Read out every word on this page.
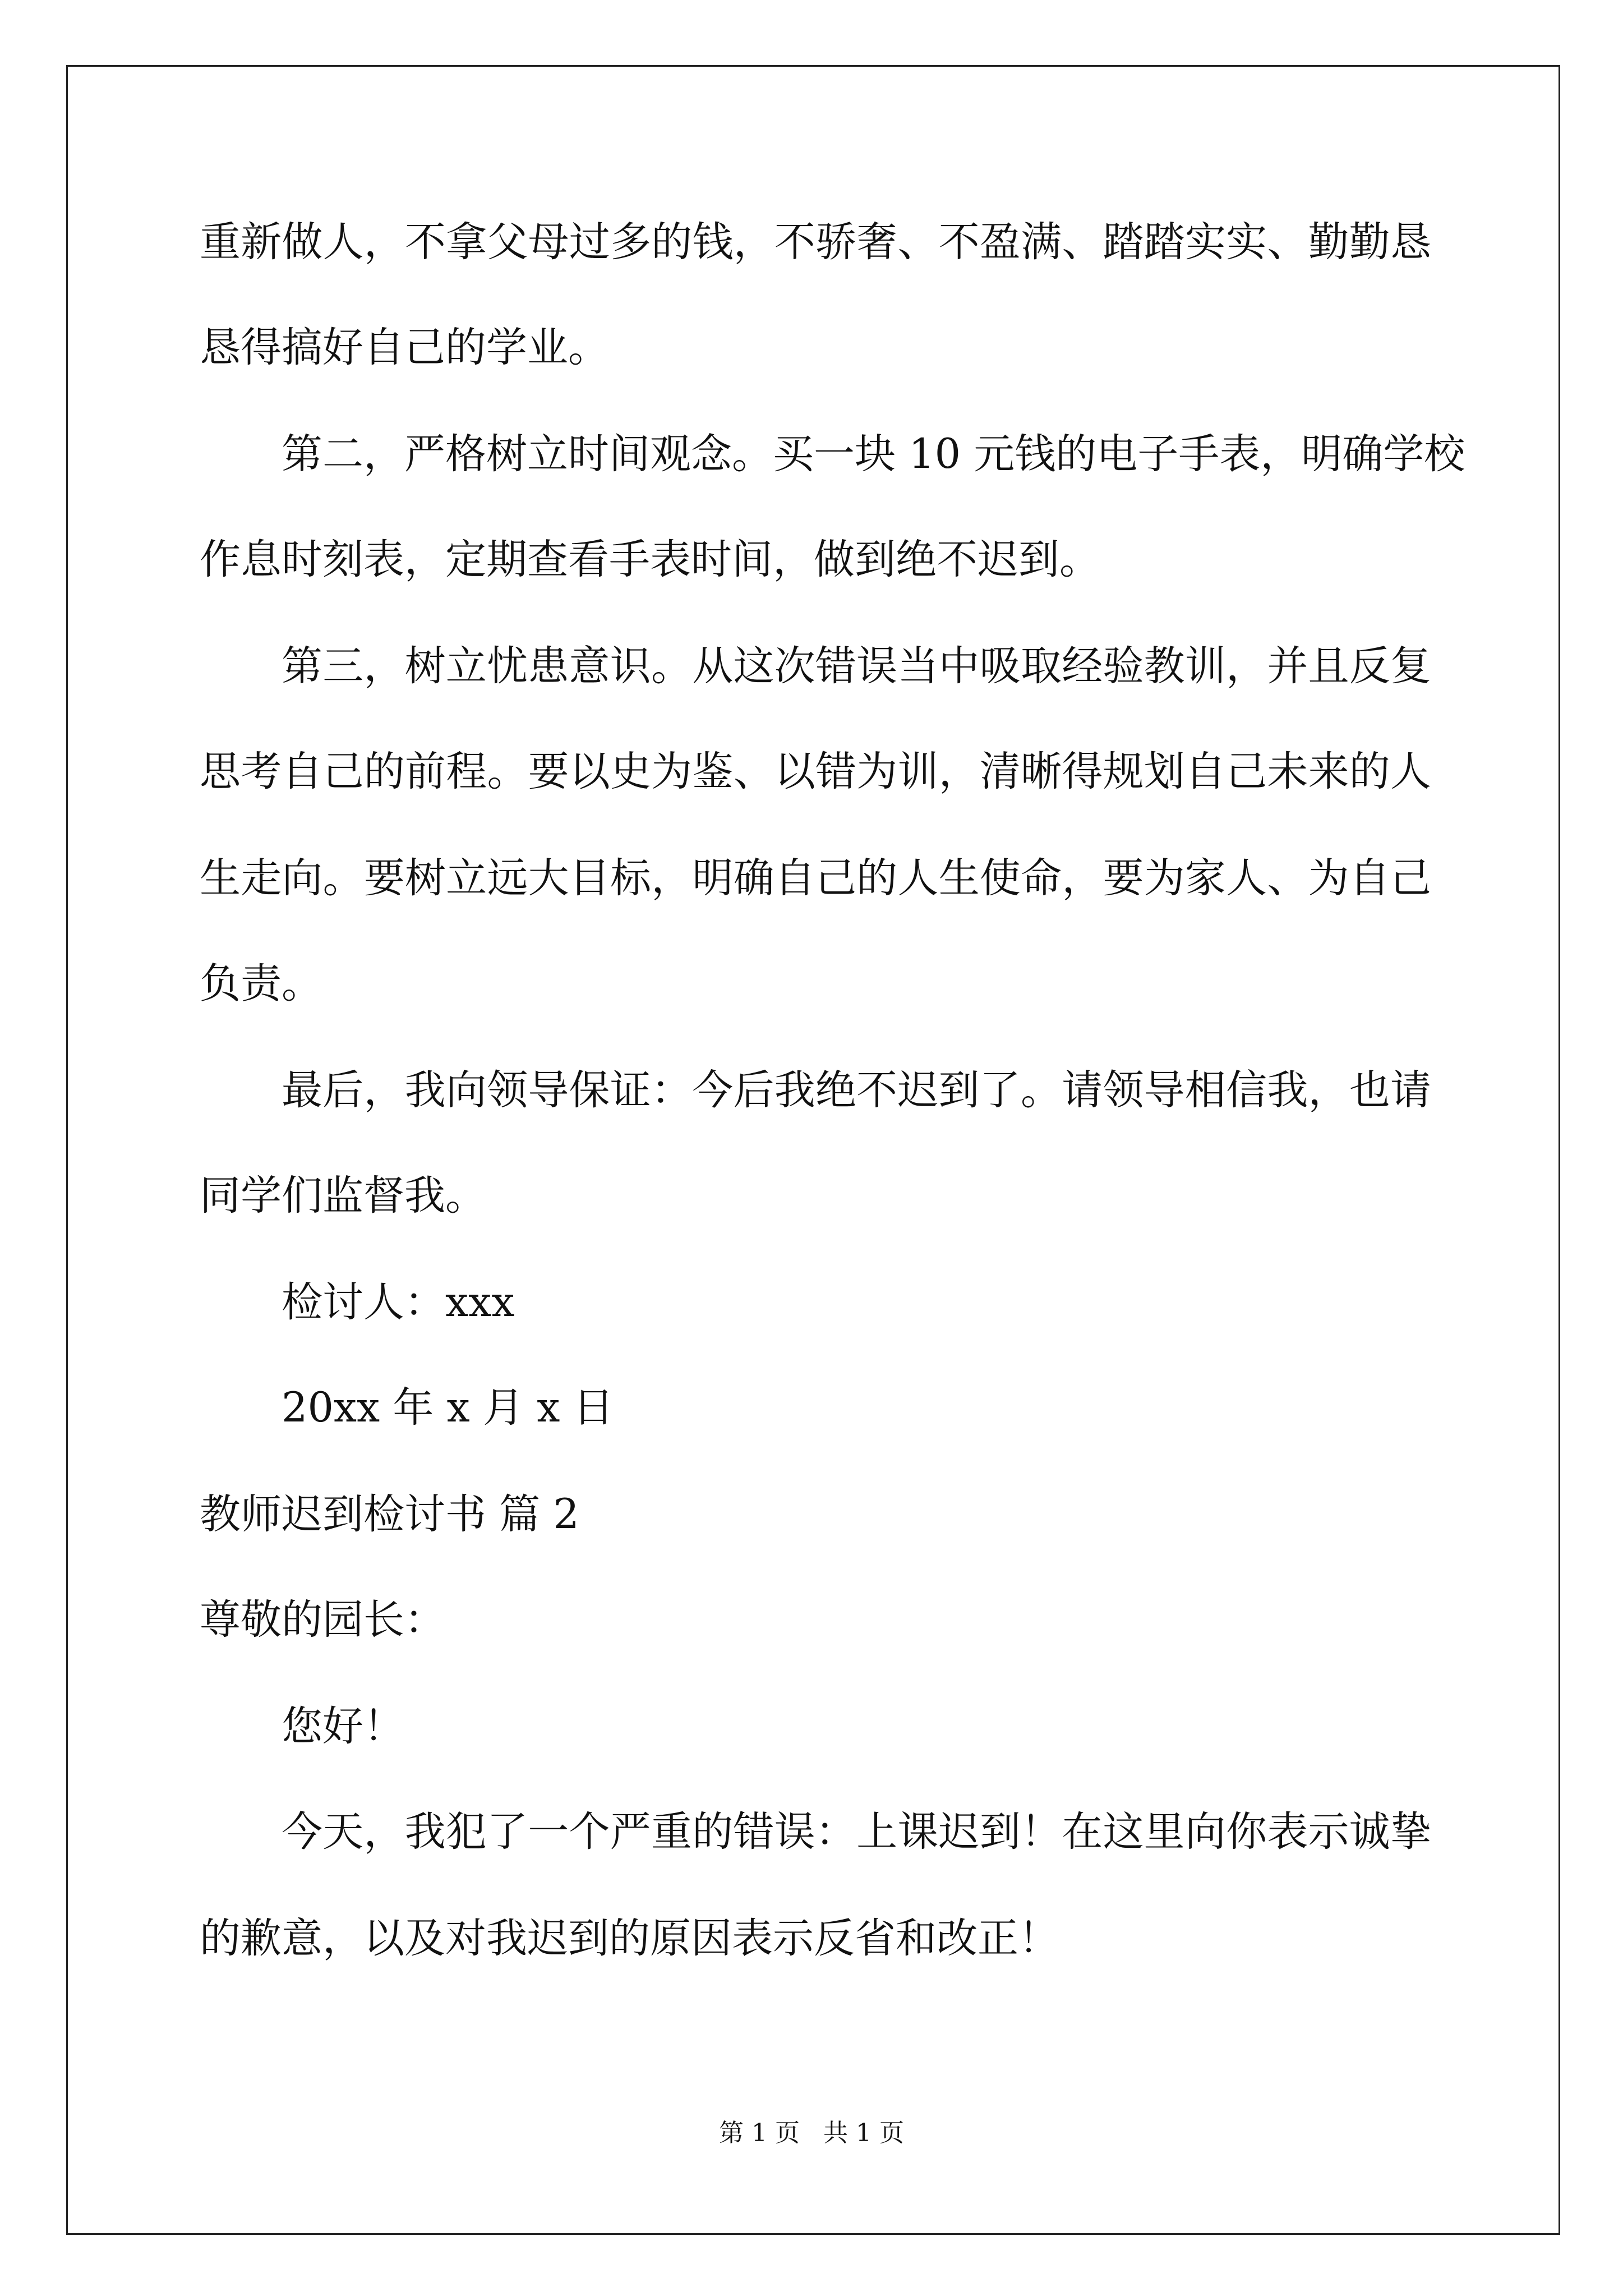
重新做人，不拿父母过多的钱，不骄奢、不盈满、踏踏实实、勤勤恳
恳得搞好自己的学业。
第二，严格树立时间观念。买一块 10 元钱的电子手表，明确学校
作息时刻表，定期查看手表时间，做到绝不迟到。
第三，树立忧患意识。从这次错误当中吸取经验教训，并且反复
思考自己的前程。要以史为鉴、以错为训，清晰得规划自己未来的人
生走向。要树立远大目标，明确自己的人生使命，要为家人、为自己
负责。
最后，我向领导保证：今后我绝不迟到了。请领导相信我，也请
同学们监督我。
检讨人：xxx
20xx 年 x 月 x 日
教师迟到检讨书 篇 2
尊敬的园长：
您好！
今天，我犯了一个严重的错误：上课迟到！在这里向你表示诚挚
的歉意，以及对我迟到的原因表示反省和改正！
第 1 页   共 1 页
